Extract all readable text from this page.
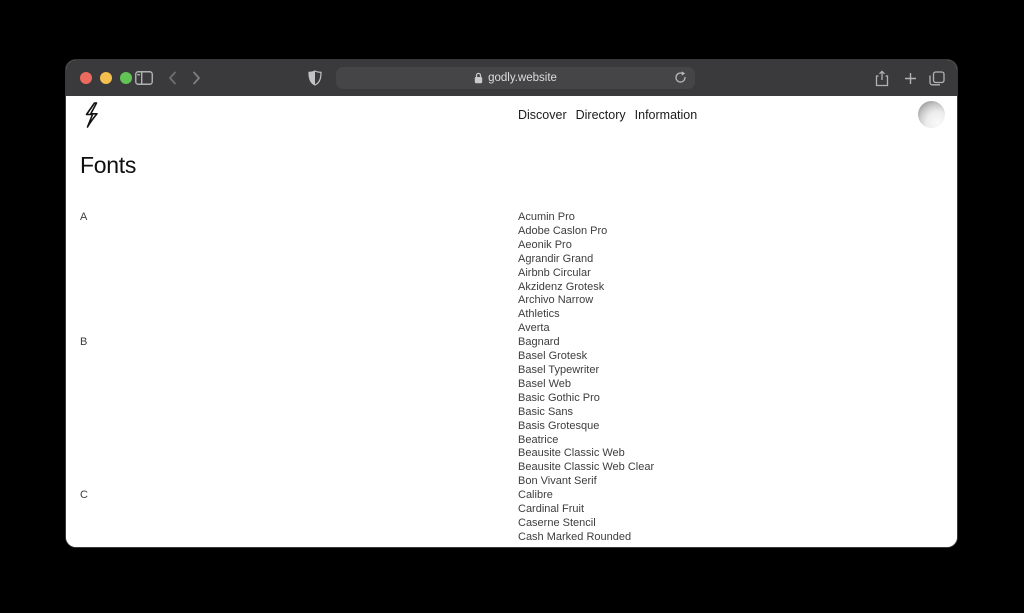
godly.website
Discover Directory Information
Fonts
A	Acumin Pro
Adobe Caslon Pro
Aeonik Pro
Agrandir Grand
Airbnb Circular
Akzidenz Grotesk
Archivo Narrow
Athletics
Averta
B	Bagnard
Basel Grotesk
Basel Typewriter
Basel Web
Basic Gothic Pro
Basic Sans
Basis Grotesque
Beatrice
Beausite Classic Web
Beausite Classic Web Clear
Bon Vivant Serif
C	Calibre
Cardinal Fruit
Caserne Stencil
Cash Marked Rounded
